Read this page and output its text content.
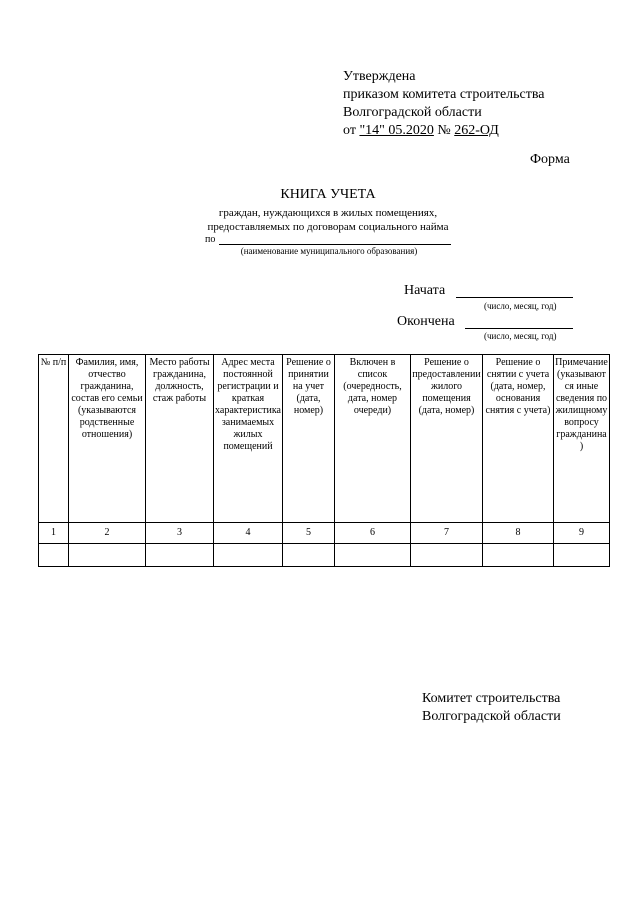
Утверждена
приказом комитета строительства
Волгоградской области
от "14" 05.2020 № 262-ОД
Форма
КНИГА УЧЕТА
граждан, нуждающихся в жилых помещениях,
предоставляемых по договорам социального найма
по
(наименование муниципального образования)
Начата
(число, месяц, год)
Окончена
(число, месяц, год)
№ п/п	Фамилия, имя, отчество гражданина, состав его семьи (указываются родственные отношения)	Место работы гражданина, должность, стаж работы	Адрес места постоянной регистрации и краткая характеристика занимаемых жилых помещений	Решение о принятии на учет (дата, номер)	Включен в список (очередность, дата, номер очереди)	Решение о предоставлении жилого помещения (дата, номер)	Решение о снятии с учета (дата, номер, основания снятия с учета)	Примечание (указываются иные сведения по жилищному вопросу гражданина)
1	2	3	4	5	6	7	8	9

Комитет строительства
Волгоградской области
